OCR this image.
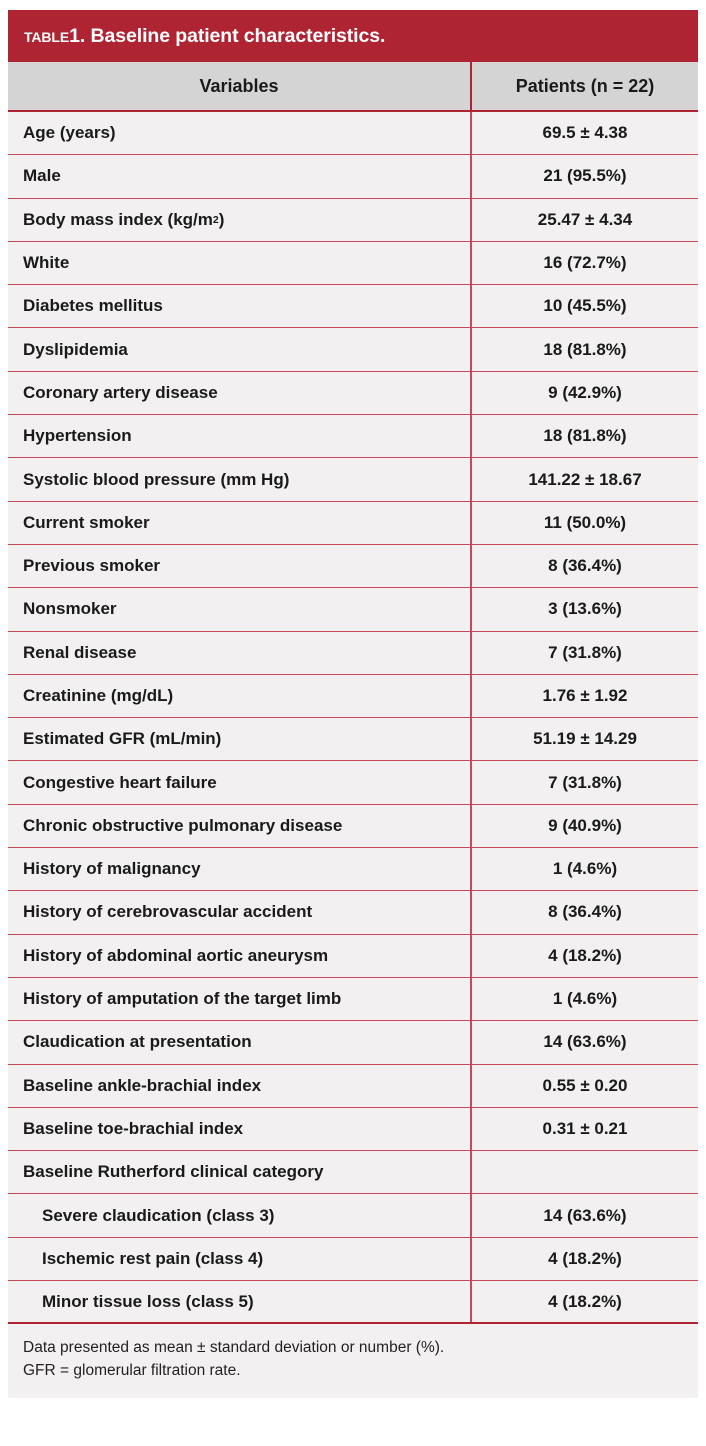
table1. Baseline patient characteristics.
Variables	Patients (n = 22)
Age (years)	69.5 ± 4.38
Male	21 (95.5%)
Body mass index (kg/m 2 )	25.47 ± 4.34
White	16 (72.7%)
Diabetes mellitus	10 (45.5%)
Dyslipidemia	18 (81.8%)
Coronary artery disease	9 (42.9%)
Hypertension	18 (81.8%)
Systolic blood pressure (mm Hg)	141.22 ± 18.67
Current smoker	11 (50.0%)
Previous smoker	8 (36.4%)
Nonsmoker	3 (13.6%)
Renal disease	7 (31.8%)
Creatinine (mg/dL)	1.76 ± 1.92
Estimated GFR (mL/min)	51.19 ± 14.29
Congestive heart failure	7 (31.8%)
Chronic obstructive pulmonary disease	9 (40.9%)
History of malignancy	1 (4.6%)
History of cerebrovascular accident	8 (36.4%)
History of abdominal aortic aneurysm	4 (18.2%)
History of amputation of the target limb	1 (4.6%)
Claudication at presentation	14 (63.6%)
Baseline ankle-brachial index	0.55 ± 0.20
Baseline toe-brachial index	0.31 ± 0.21
Baseline Rutherford clinical category
Severe claudication (class 3)	14 (63.6%)
Ischemic rest pain (class 4)	4 (18.2%)
Minor tissue loss (class 5)	4 (18.2%)
Data presented as mean ± standard deviation or number (%).
GFR = glomerular filtration rate.
